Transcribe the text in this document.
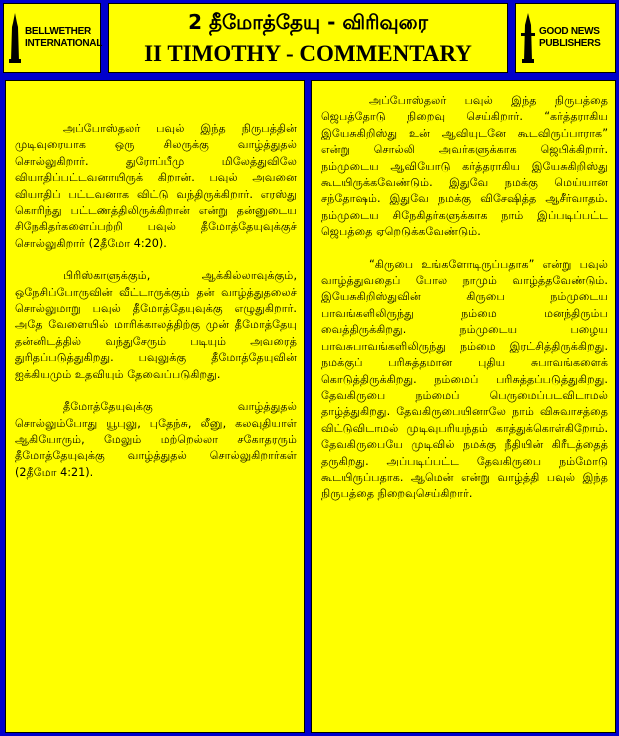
BELLWETHER
INTERNATIONAL
2 தீமோத்தேயு - விரிவுரை
II TIMOTHY - COMMENTARY
GOOD NEWS
PUBLISHERS

அப்போஸ்தலர் பவுல் இந்த நிருபத்தின் முடிவுரையாக ஒரு சிலருக்கு வாழ்த்துதல் சொல்லுகிறார். துரோப்பீமு மிலேத்துவிலே வியாதிப்பட்டவனாயிருக் கிறான். பவுல் அவனை வியாதிப் பட்டவனாக விட்டு வந்திருக்கிறார். எரஸ்து கொரிந்து பட்டணத்திலிருக்கிறான் என்று தன்னுடைய சிநேகிதர்களைப்பற்றி பவுல் தீமோத்தேயுவுக்குச் சொல்லுகிறார் (2தீமோ 4:20).

பிரிஸ்காளுக்கும், ஆக்கில்லாவுக்கும், ஒநேசிப்போருவின் வீட்டாருக்கும் தன் வாழ்த்துதலைச் சொல்லுமாறு பவுல் தீமோத்தேயுவுக்கு எழுதுகிறார். அதே வேளையில் மாரிக்காலத்திற்கு முன் தீமோத்தேயு தன்னிடத்தில் வந்துசேரும் படியும் அவரைத் துரிதப்படுத்துகிறது. பவுலுக்கு தீமோத்தேயுவின் ஐக்கியமும் உதவியும் தேவைப்படுகிறது.

தீமோத்தேயுவுக்கு வாழ்த்துதல் சொல்லும்போது யூபுலு, புதேந்சு, லீனு, கலவுதியாள் ஆகியோரும், மேலும் மற்றெல்லா சகோதரரும் தீமோத்தேயுவுக்கு வாழ்த்துதல் சொல்லுகிறார்கள் (2தீமோ 4:21).

அப்போஸ்தலர் பவுல் இந்த நிருபத்தை ஜெபத்தோடு நிறைவு செய்கிறார். “கர்த்தராகிய இயேசுகிறிஸ்து உன் ஆவியுடனே கூடவிருப்பாராக” என்று சொல்லி அவர்களுக்காக ஜெபிக்கிறார். நம்முடைய ஆவியோடு கர்த்தராகிய இயேசுகிறிஸ்து கூடயிருக்கவேண்டும். இதுவே நமக்கு மெய்யான சந்தோஷம். இதுவே நமக்கு விசேஷித்த ஆசீர்வாதம். நம்முடைய சிநேகிதர்களுக்காக நாம் இப்படிப்பட்ட ஜெபத்தை ஏறெடுக்கவேண்டும்.

“கிருபை உங்களோடிருப்பதாக” என்று பவுல் வாழ்த்துவதைப் போல நாமும் வாழ்த்தவேண்டும். இயேசுகிறிஸ்துவின் கிருபை நம்முடைய பாவங்களிலிருந்து நம்மை மனந்திரும்ப வைத்திருக்கிறது. நம்முடைய பழைய பாவசுபாவங்களிலிருந்து நம்மை இரட்சித்திருக்கிறது. நமக்குப் பரிசுத்தமான புதிய சுபாவங்களைக் கொடுத்திருக்கிறது. நம்மைப் பரிசுத்தப்படுத்துகிறது. தேவகிருபை நம்மைப் பெருமைப்படவிடாமல் தாழ்த்துகிறது. தேவகிருபையினாலே நாம் விசுவாசத்தை விட்டுவிடாமல் முடிவுபரியந்தம் காத்துக்கொள்கிறோம். தேவகிருபையே முடிவில் நமக்கு நீதியின் கிரீடத்தைத் தருகிறது. அப்படிப்பட்ட தேவகிருபை நம்மோடு கூடயிருப்பதாக. ஆமென் என்று வாழ்த்தி பவுல் இந்த நிருபத்தை நிறைவுசெய்கிறார்.
